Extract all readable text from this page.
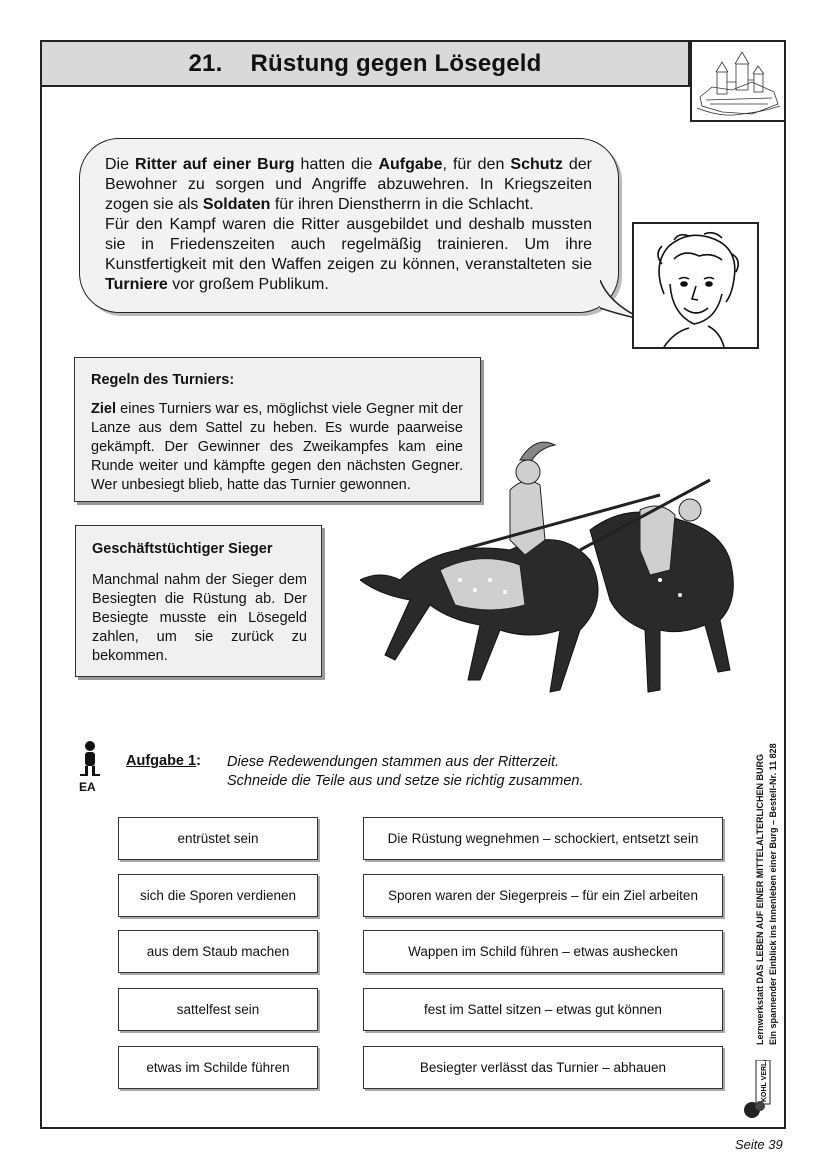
21. Rüstung gegen Lösegeld
Die Ritter auf einer Burg hatten die Aufgabe, für den Schutz der Bewohner zu sorgen und Angriffe abzuwehren. In Kriegszeiten zogen sie als Soldaten für ihren Dienstherrn in die Schlacht.
Für den Kampf waren die Ritter ausgebildet und deshalb mussten sie in Friedenszeiten auch regelmäßig trainieren. Um ihre Kunstfertigkeit mit den Waffen zeigen zu können, veranstalteten sie Turniere vor großem Publikum.
Regeln des Turniers:
Ziel eines Turniers war es, möglichst viele Gegner mit der Lanze aus dem Sattel zu heben. Es wurde paarweise gekämpft. Der Gewinner des Zweikampfes kam eine Runde weiter und kämpfte gegen den nächsten Gegner. Wer unbesiegt blieb, hatte das Turnier gewonnen.
Geschäftstüchtiger Sieger
Manchmal nahm der Sieger dem Besiegten die Rüstung ab. Der Besiegte musste ein Lösegeld zahlen, um sie zurück zu bekommen.
EA
Aufgabe 1: Diese Redewendungen stammen aus der Ritterzeit.
Schneide die Teile aus und setze sie richtig zusammen.
entrüstet sein
sich die Sporen verdienen
aus dem Staub machen
sattelfest sein
etwas im Schilde führen
Die Rüstung wegnehmen – schockiert, entsetzt sein
Sporen waren der Siegerpreis – für ein Ziel arbeiten
Wappen im Schild führen – etwas aushecken
fest im Sattel sitzen – etwas gut können
Besiegter verlässt das Turnier – abhauen
Lernwerkstatt DAS LEBEN AUF EINER MITTELALTERLICHEN BURG Ein spannender Einblick ins Innenleben einer Burg – Bestell-Nr. 11 828
KOHL VERLAG
Seite 39
